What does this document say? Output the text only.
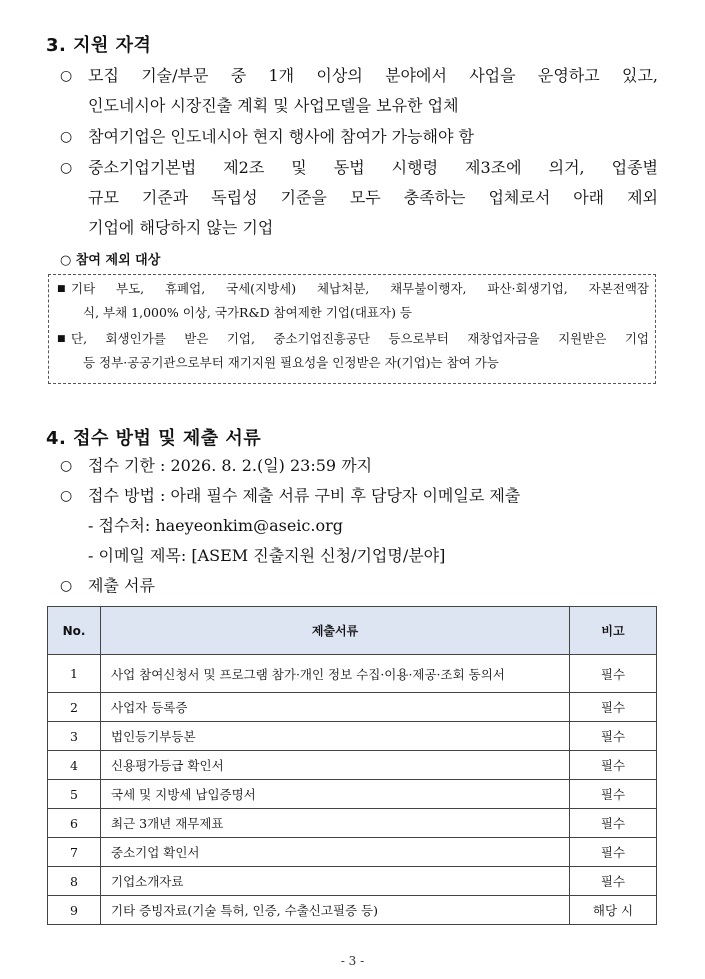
3. 지원 자격
○ 모집 기술/부문 중 1개 이상의 분야에서 사업을 운영하고 있고,
인도네시아 시장진출 계획 및 사업모델을 보유한 업체
○ 참여기업은 인도네시아 현지 행사에 참여가 가능해야 함
○ 중소기업기본법 제2조 및 동법 시행령 제3조에 의거, 업종별
규모 기준과 독립성 기준을 모두 충족하는 업체로서 아래 제외
기업에 해당하지 않는 기업
○ 참여 제외 대상
■ 기타 부도, 휴폐업, 국세(지방세) 체납처분, 채무불이행자, 파산·회생기업, 자본전액잠
식, 부채 1,000% 이상, 국가R&D 참여제한 기업(대표자) 등
■ 단, 회생인가를 받은 기업, 중소기업진흥공단 등으로부터 재창업자금을 지원받은 기업
등 정부·공공기관으로부터 재기지원 필요성을 인정받은 자(기업)는 참여 가능
4. 접수 방법 및 제출 서류
○ 접수 기한 : 2026. 8. 2.(일) 23:59 까지
○ 접수 방법 : 아래 필수 제출 서류 구비 후 담당자 이메일로 제출
- 접수처: haeyeonkim@aseic.org
- 이메일 제목: [ASEM 진출지원 신청/기업명/분야]
○ 제출 서류
No.	제출서류	비고
1	사업 참여신청서 및 프로그램 참가·개인 정보 수집·이용·제공·조회 동의서	필수
2	사업자 등록증	필수
3	법인등기부등본	필수
4	신용평가등급 확인서	필수
5	국세 및 지방세 납입증명서	필수
6	최근 3개년 재무제표	필수
7	중소기업 확인서	필수
8	기업소개자료	필수
9	기타 증빙자료(기술 특허, 인증, 수출신고필증 등)	해당 시
- 3 -
